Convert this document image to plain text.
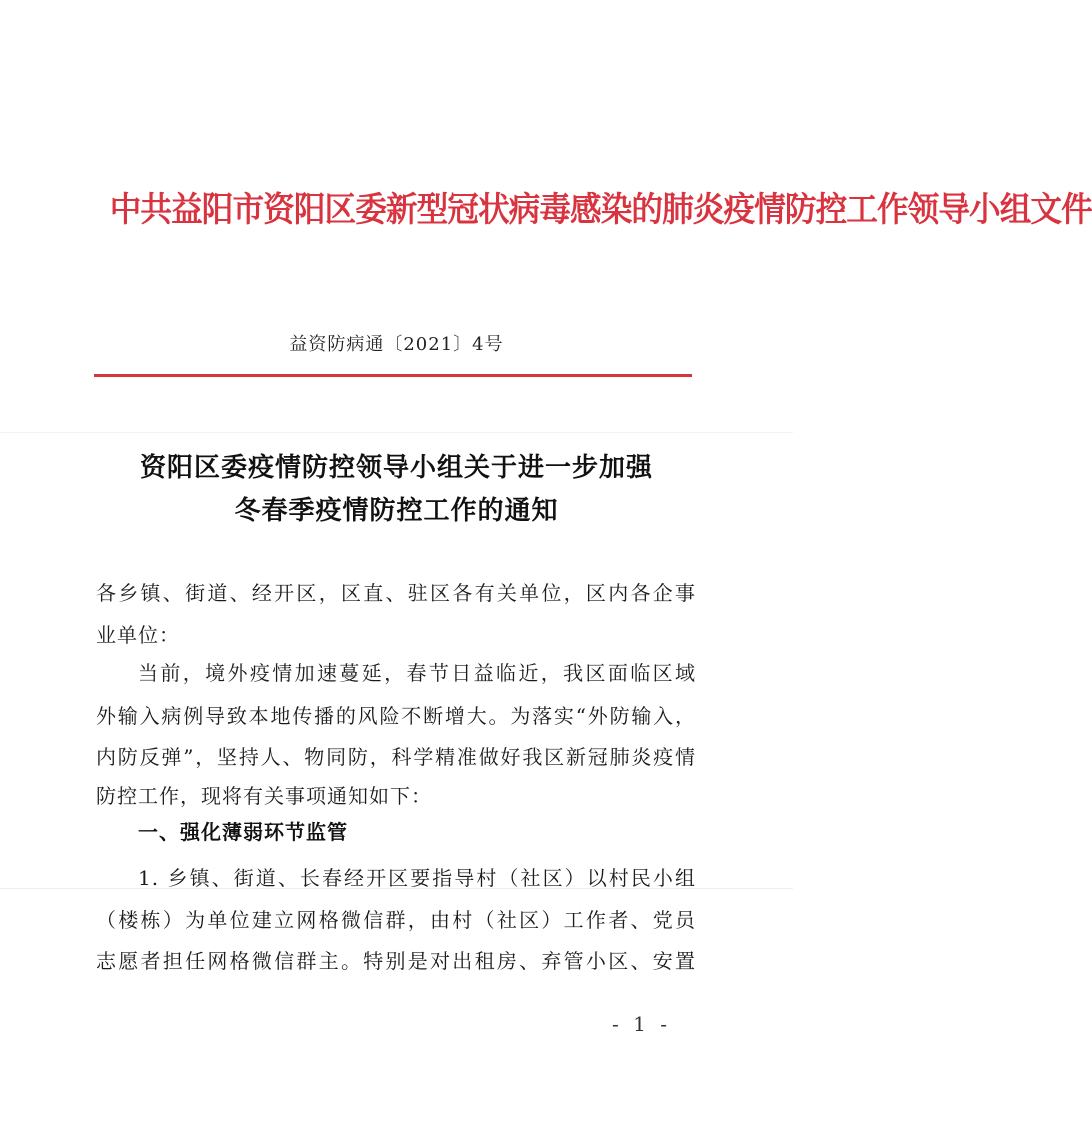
中共益阳市资阳区委新型冠状病毒感染的肺炎疫情防控工作领导小组文件
益资防病通〔2021〕4号
资阳区委疫情防控领导小组关于进一步加强
冬春季疫情防控工作的通知

各乡镇、街道、经开区，区直、驻区各有关单位，区内各企事

业单位：

当前，境外疫情加速蔓延，春节日益临近，我区面临区域

外输入病例导致本地传播的风险不断增大。为落实“外防输入，

内防反弹”，坚持人、物同防，科学精准做好我区新冠肺炎疫情

防控工作，现将有关事项通知如下：

一、强化薄弱环节监管

1. 乡镇、街道、长春经开区要指导村（社区）以村民小组

（楼栋）为单位建立网格微信群，由村（社区）工作者、党员

志愿者担任网格微信群主。特别是对出租房、弃管小区、安置

- 1 -
